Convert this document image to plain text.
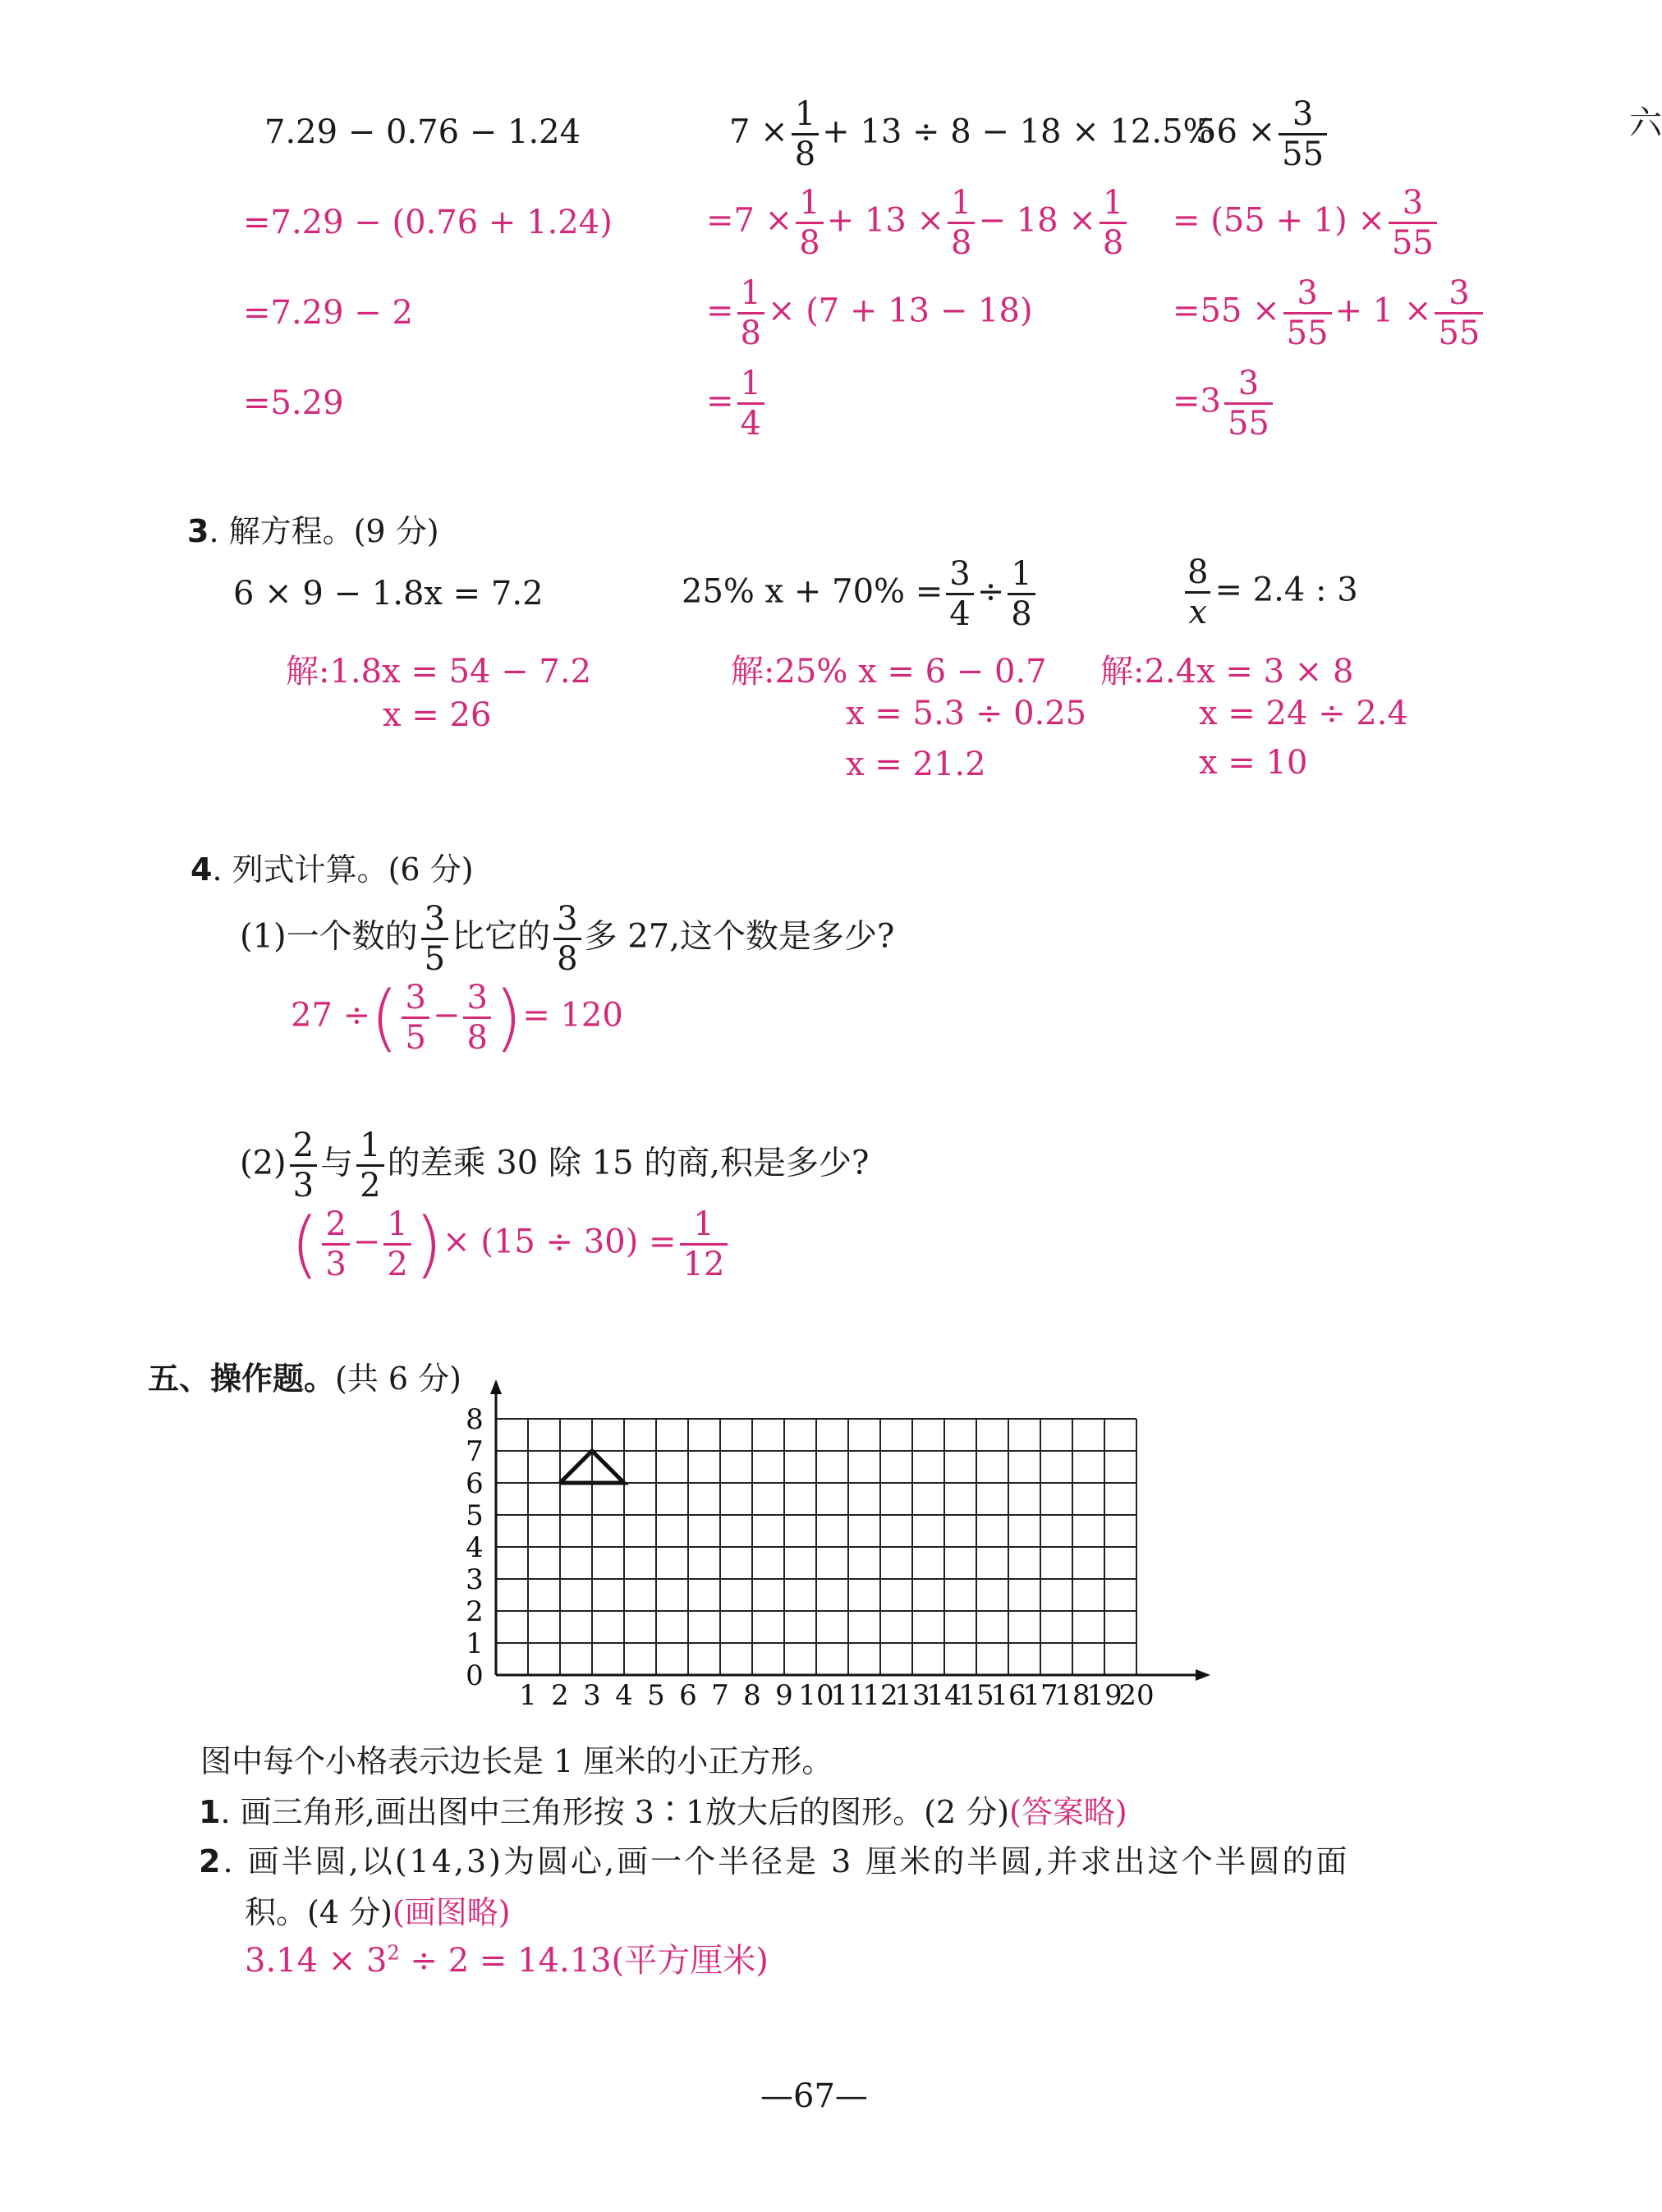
7.29 − 0.76 − 1.24
=7.29 − (0.76 + 1.24)
=7.29 − 2
=5.29
$7 \times \frac{1}{8} + 13 \div 8 - 18 \times 12.5\%$
$=7 \times \frac{1}{8} + 13 \times \frac{1}{8} - 18 \times \frac{1}{8}$
= $\frac{1}{8} \times (7 + 13 - 18)$
= $\frac{1}{4}$
$56 \times \frac{3}{55}$
= $(55 + 1) \times \frac{3}{55}$
$=55 \times \frac{3}{55} + 1 \times \frac{3}{55}$
$=3 \frac{3}{55}$
六
3. 解方程。(9 分)
6 × 9 − 1.8x = 7.2
解:1.8x = 54 − 7.2
x = 26
25% $x + 70\% = \frac{3}{4} \div \frac{1}{8}$
解:25% x = 6 − 0.7
x = 5.3 ÷ 0.25
x = 21.2
$\frac{8}{x} = 2.4$ : 3
解:2.4x = 3 × 8
x = 24 ÷ 2.4
x = 10
4. 列式计算。(6 分)
(1)一个数的 $\frac{3}{5}$ 比它的 $\frac{3}{8}$ 多 27,这个数是多少?
27 ÷( $\frac{3}{5} - \frac{3}{8}$ )= 120
$(2) \frac{2}{3}$ 与 $\frac{1}{2}$ 的差乘 30 除 15 的商,积是多少?
( $\frac{2}{3} - \frac{1}{2}$ )× $(15 \div 30) = \frac{1}{12}$
五、操作题。(共 6 分)
1 2 3 4 5 6 7 8 9 10
11
12
13
14
15
16
17
18
19
20
0
1
2
3
4
5
6
7
8
图中每个小格表示边长是 1 厘米的小正方形。
1. 画三角形,画出图中三角形按 3∶1放大后的图形。(2 分)(答案略)
2. 画半圆,以(14,3)为圆心,画一个半径是 3 厘米的半圆,并求出这个半圆的面
积。(4 分)(画图略)
$3.14 \times 3^2 \div 2 = 14.13$(平方厘米)
—67—
